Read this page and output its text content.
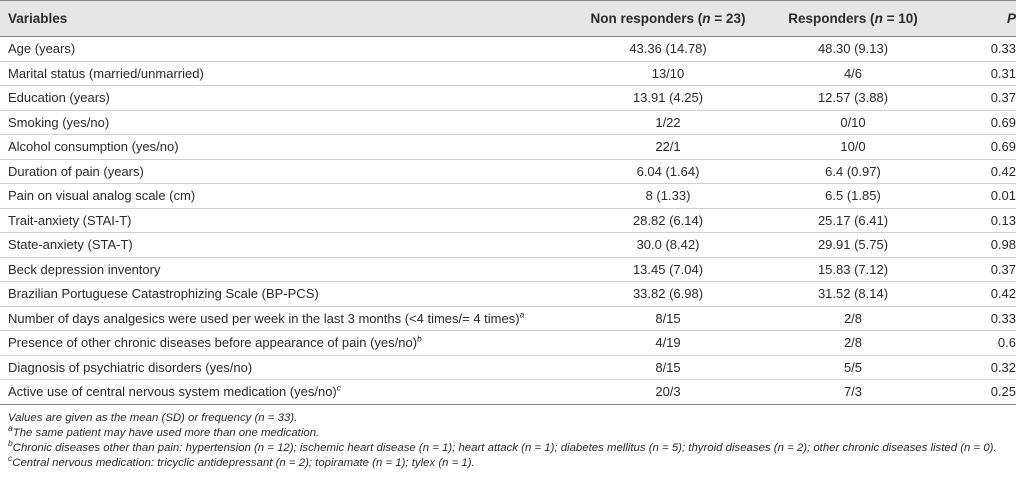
Variables	Non responders (n = 23)	Responders (n = 10)	P
Age (years)	43.36 (14.78)	48.30 (9.13)	0.33
Marital status (married/unmarried)	13/10	4/6	0.31
Education (years)	13.91 (4.25)	12.57 (3.88)	0.37
Smoking (yes/no)	1/22	0/10	0.69
Alcohol consumption (yes/no)	22/1	10/0	0.69
Duration of pain (years)	6.04 (1.64)	6.4 (0.97)	0.42
Pain on visual analog scale (cm)	8 (1.33)	6.5 (1.85)	0.01
Trait-anxiety (STAI-T)	28.82 (6.14)	25.17 (6.41)	0.13
State-anxiety (STA-T)	30.0 (8.42)	29.91 (5.75)	0.98
Beck depression inventory	13.45 (7.04)	15.83 (7.12)	0.37
Brazilian Portuguese Catastrophizing Scale (BP-PCS)	33.82 (6.98)	31.52 (8.14)	0.42
Number of days analgesics were used per week in the last 3 months (<4 times/= 4 times)$^a$	8/15	2/8	0.33
Presence of other chronic diseases before appearance of pain $(yes/no)^b$	4/19	2/8	0.6
Diagnosis of psychiatric disorders (yes/no)	8/15	5/5	0.32
Active use of central nervous system medication $(yes/no)^c$	20/3	7/3	0.25
Values are given as the mean (SD) or frequency (n = 33).
$^a$The same patient may have used more than one medication.
$^b$Chronic diseases other than pain: hypertension (n = 12); ischemic heart disease (n = 1); heart attack (n = 1); diabetes mellitus (n = 5); thyroid diseases (n = 2); other chronic diseases listed (n = 0).
$^c$Central nervous medication: tricyclic antidepressant (n = 2); topiramate (n = 1); tylex (n = 1).
